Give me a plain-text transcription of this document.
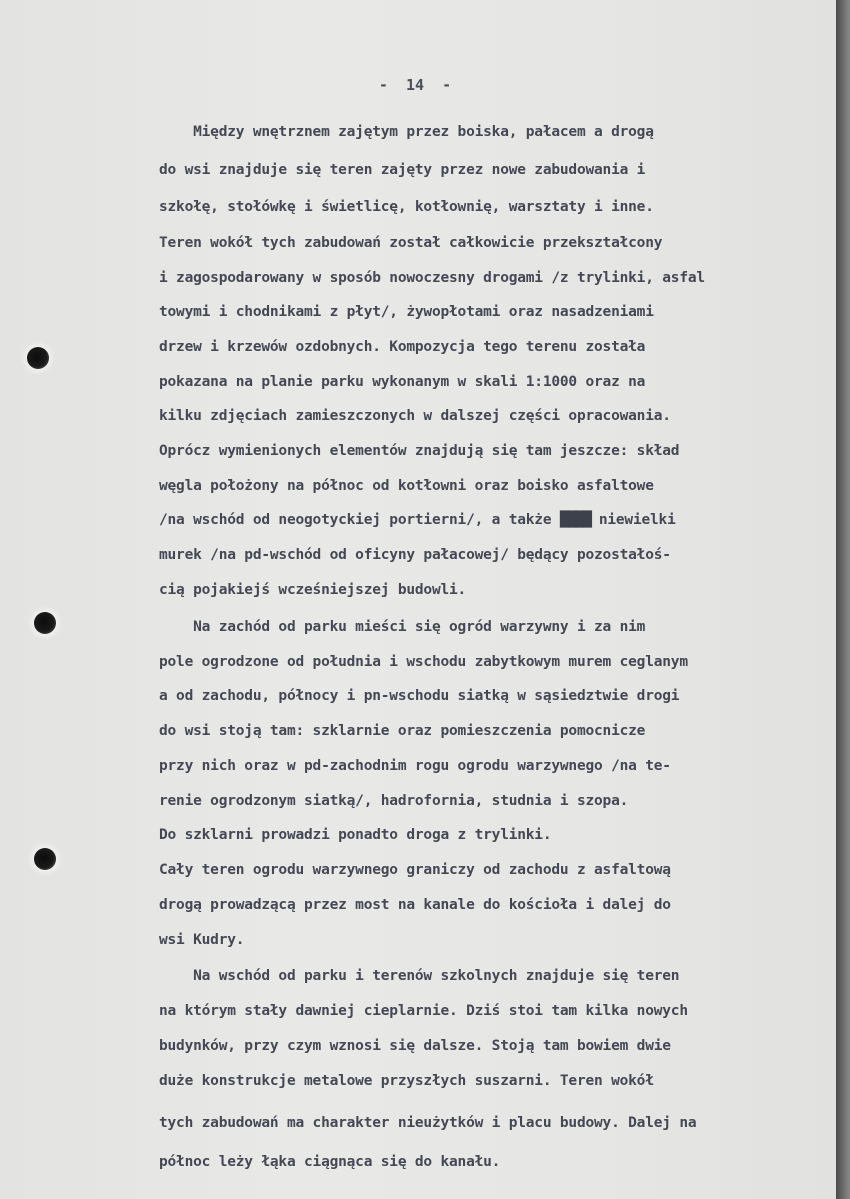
-  14  -
Między wnętrznem zajętym przez boiska, pałacem a drogą
do wsi znajduje się teren zajęty przez nowe zabudowania i
szkołę, stołówkę i świetlicę, kotłownię, warsztaty i inne.
Teren wokół tych zabudowań został całkowicie przekształcony
i zagospodarowany w sposób nowoczesny drogami /z trylinki, asfal
towymi i chodnikami z płyt/, żywopłotami oraz nasadzeniami
drzew i krzewów ozdobnych. Kompozycja tego terenu została
pokazana na planie parku wykonanym w skali 1:1000 oraz na
kilku zdjęciach zamieszczonych w dalszej części opracowania.
Oprócz wymienionych elementów znajdują się tam jeszcze: skład
węgla położony na północ od kotłowni oraz boisko asfaltowe
/na wschód od neogotyckiej portierni/, a także ████ niewielki
murek /na pd-wschód od oficyny pałacowej/ będący pozostałoś-
cią pojakiejś wcześniejszej budowli.
Na zachód od parku mieści się ogród warzywny i za nim
pole ogrodzone od południa i wschodu zabytkowym murem ceglanym
a od zachodu, północy i pn-wschodu siatką w sąsiedztwie drogi
do wsi stoją tam: szklarnie oraz pomieszczenia pomocnicze
przy nich oraz w pd-zachodnim rogu ogrodu warzywnego /na te-
renie ogrodzonym siatką/, hadrofornia, studnia i szopa.
Do szklarni prowadzi ponadto droga z trylinki.
Cały teren ogrodu warzywnego graniczy od zachodu z asfaltową
drogą prowadzącą przez most na kanale do kościoła i dalej do
wsi Kudry.
Na wschód od parku i terenów szkolnych znajduje się teren
na którym stały dawniej cieplarnie. Dziś stoi tam kilka nowych
budynków, przy czym wznosi się dalsze. Stoją tam bowiem dwie
duże konstrukcje metalowe przyszłych suszarni. Teren wokół
tych zabudowań ma charakter nieużytków i placu budowy. Dalej na
północ leży łąka ciągnąca się do kanału.
